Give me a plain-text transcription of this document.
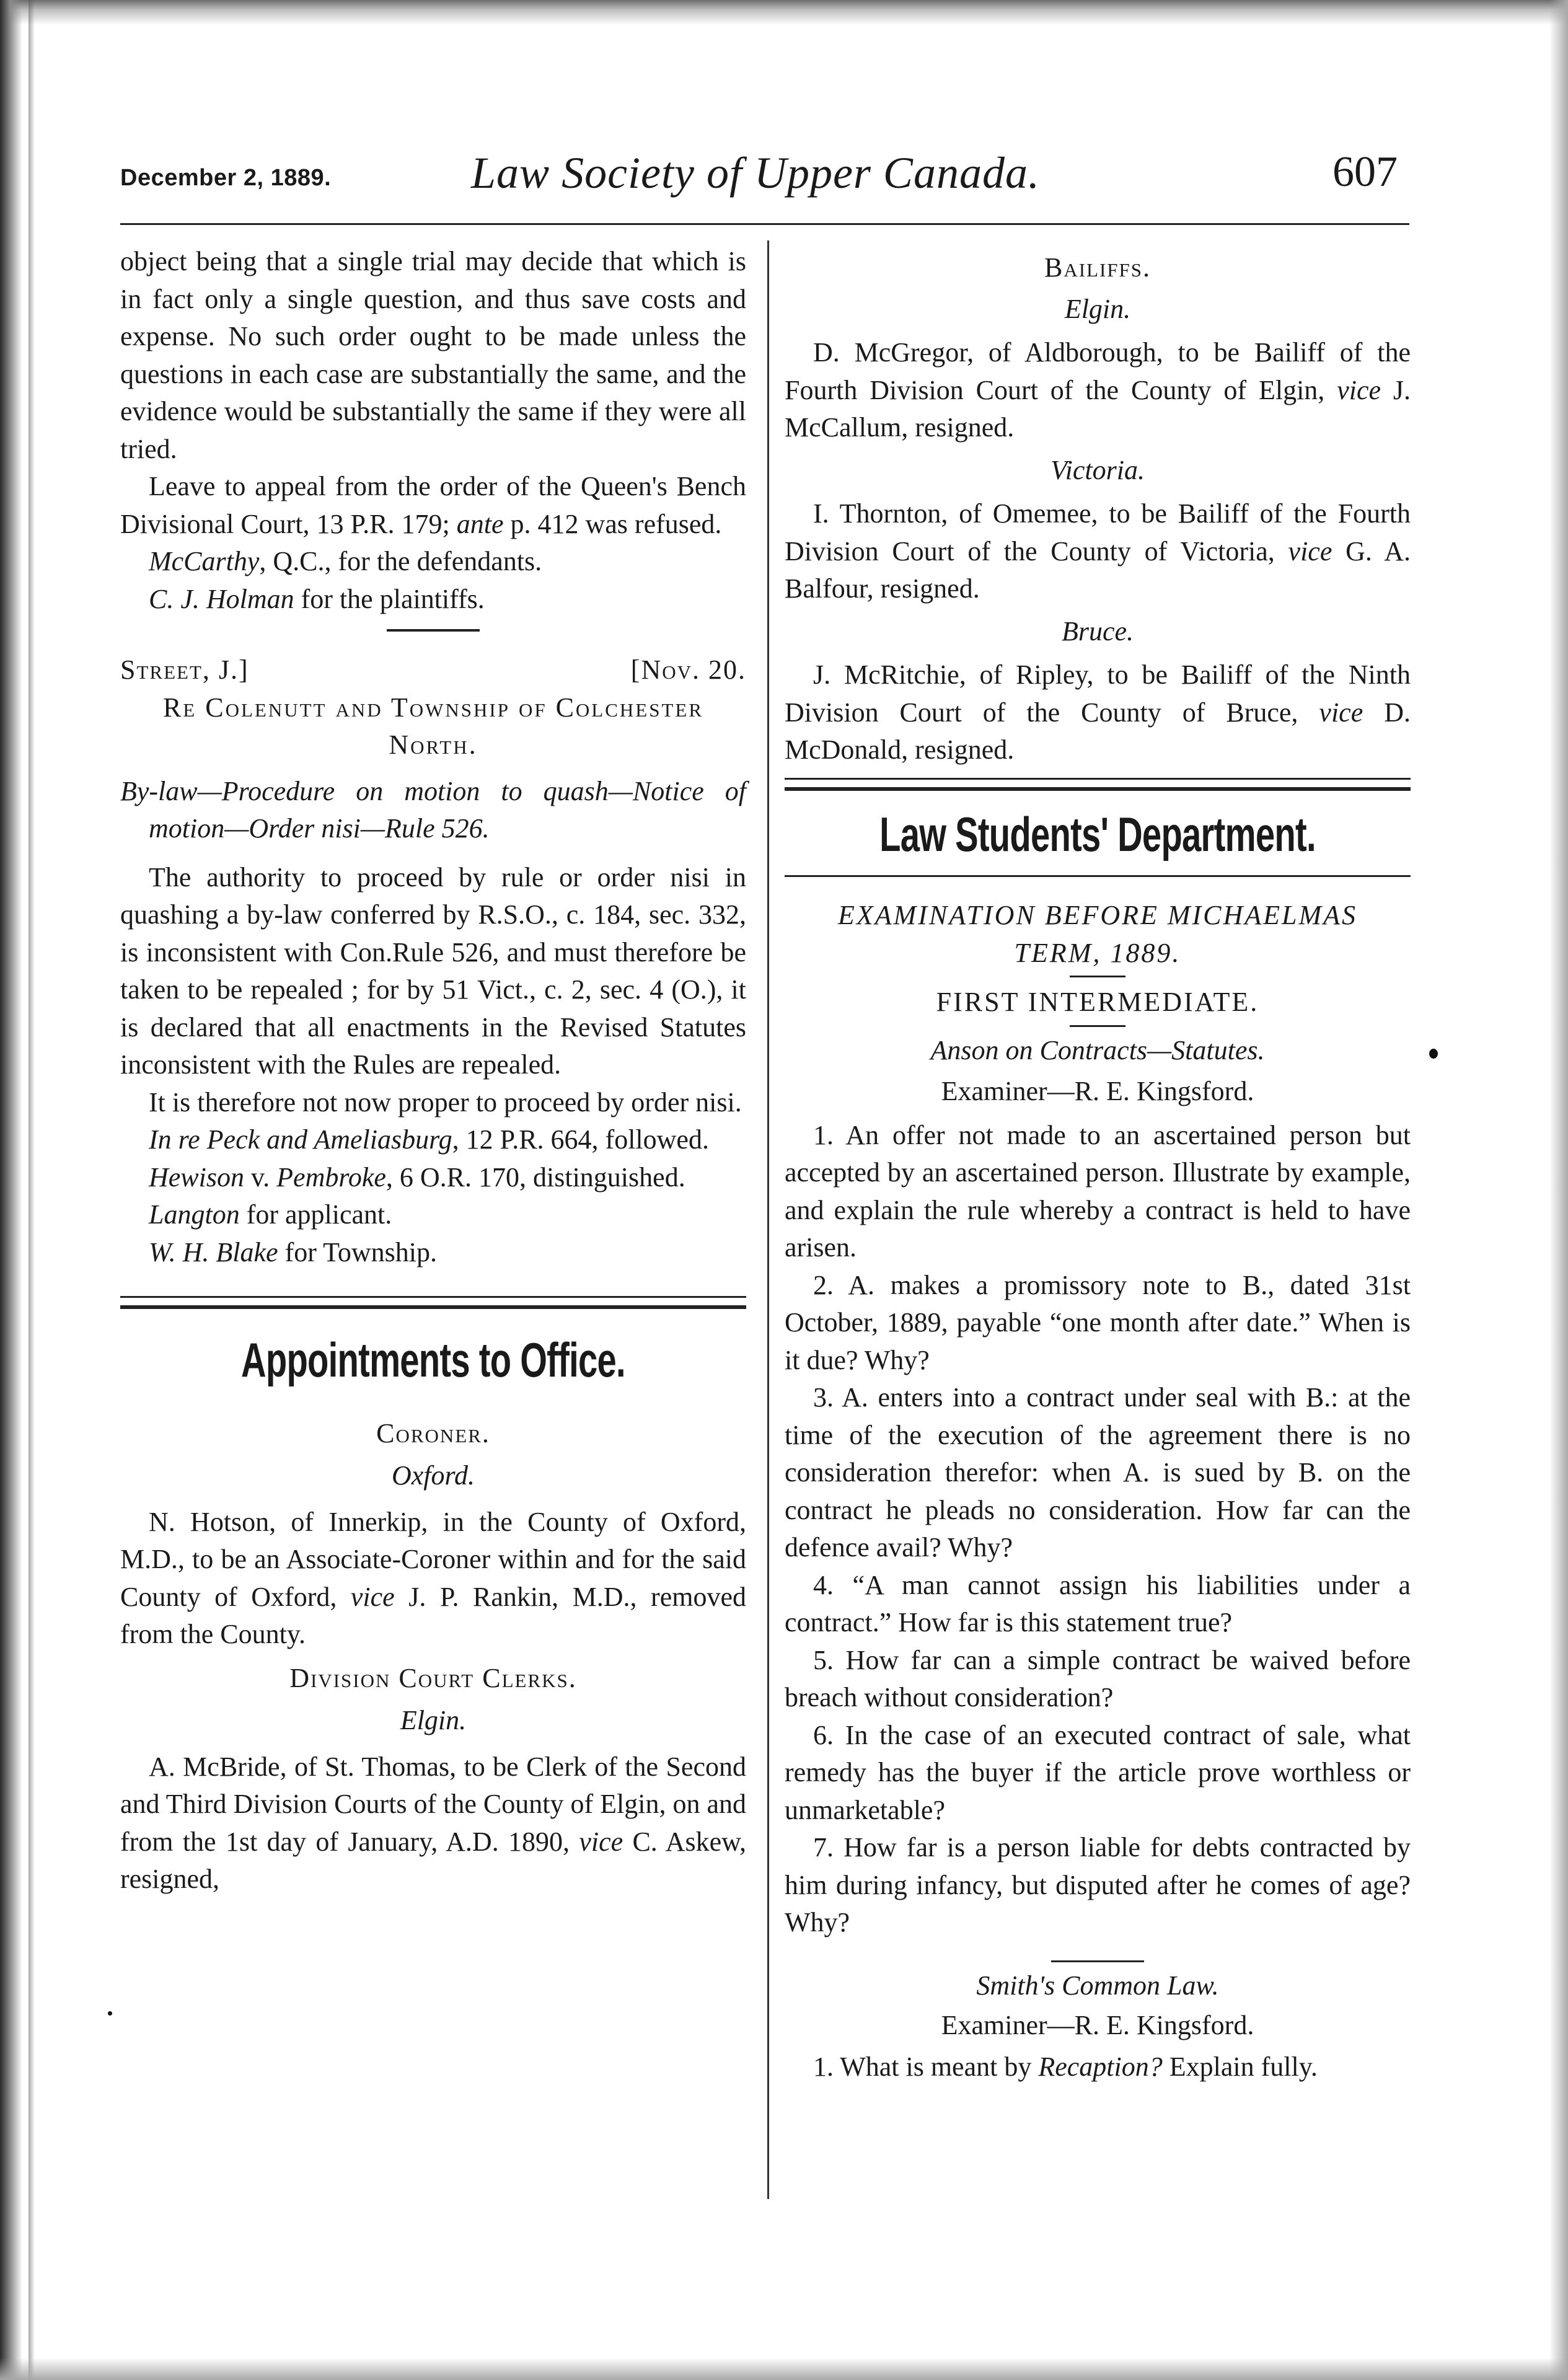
December 2, 1889.	Law Society of Upper Canada.	607

object being that a single trial may decide that which is in fact only a single question, and thus save costs and expense. No such order ought to be made unless the questions in each case are substantially the same, and the evidence would be substantially the same if they were all tried.

Leave to appeal from the order of the Queen's Bench Divisional Court, 13 P.R. 179; ante p. 412 was refused.

McCarthy, Q.C., for the defendants.

C. J. Holman for the plaintiffs.

Street, J.]	[Nov. 20.

Re Colenutt and Township of Colchester North.

By-law—Procedure on motion to quash—Notice of motion—Order nisi—Rule 526.

The authority to proceed by rule or order nisi in quashing a by-law conferred by R.S.O., c. 184, sec. 332, is inconsistent with Con.Rule 526, and must therefore be taken to be repealed ; for by 51 Vict., c. 2, sec. 4 (O.), it is declared that all enactments in the Revised Statutes inconsistent with the Rules are repealed.

It is therefore not now proper to proceed by order nisi.

In re Peck and Ameliasburg, 12 P.R. 664, followed.

Hewison v. Pembroke, 6 O.R. 170, distinguished.

Langton for applicant.

W. H. Blake for Township.

Appointments to Office.

Coroner.

Oxford.

N. Hotson, of Innerkip, in the County of Oxford, M.D., to be an Associate-Coroner within and for the said County of Oxford, vice J. P. Rankin, M.D., removed from the County.

Division Court Clerks.

Elgin.

A. McBride, of St. Thomas, to be Clerk of the Second and Third Division Courts of the County of Elgin, on and from the 1st day of January, A.D. 1890, vice C. Askew, resigned,

Bailiffs.

Elgin.

D. McGregor, of Aldborough, to be Bailiff of the Fourth Division Court of the County of Elgin, vice J. McCallum, resigned.

Victoria.

I. Thornton, of Omemee, to be Bailiff of the Fourth Division Court of the County of Victoria, vice G. A. Balfour, resigned.

Bruce.

J. McRitchie, of Ripley, to be Bailiff of the Ninth Division Court of the County of Bruce, vice D. McDonald, resigned.

Law Students' Department.

EXAMINATION BEFORE MICHAELMAS TERM, 1889.

FIRST INTERMEDIATE.

Anson on Contracts—Statutes.

Examiner—R. E. Kingsford.

1. An offer not made to an ascertained person but accepted by an ascertained person. Illustrate by example, and explain the rule whereby a contract is held to have arisen.

2. A. makes a promissory note to B., dated 31st October, 1889, payable “one month after date.” When is it due? Why?

3. A. enters into a contract under seal with B.: at the time of the execution of the agreement there is no consideration therefor: when A. is sued by B. on the contract he pleads no consideration. How far can the defence avail? Why?

4. “A man cannot assign his liabilities under a contract.” How far is this statement true?

5. How far can a simple contract be waived before breach without consideration?

6. In the case of an executed contract of sale, what remedy has the buyer if the article prove worthless or unmarketable?

7. How far is a person liable for debts contracted by him during infancy, but disputed after he comes of age? Why?

Smith's Common Law.

Examiner—R. E. Kingsford.

1. What is meant by Recaption? Explain fully.
